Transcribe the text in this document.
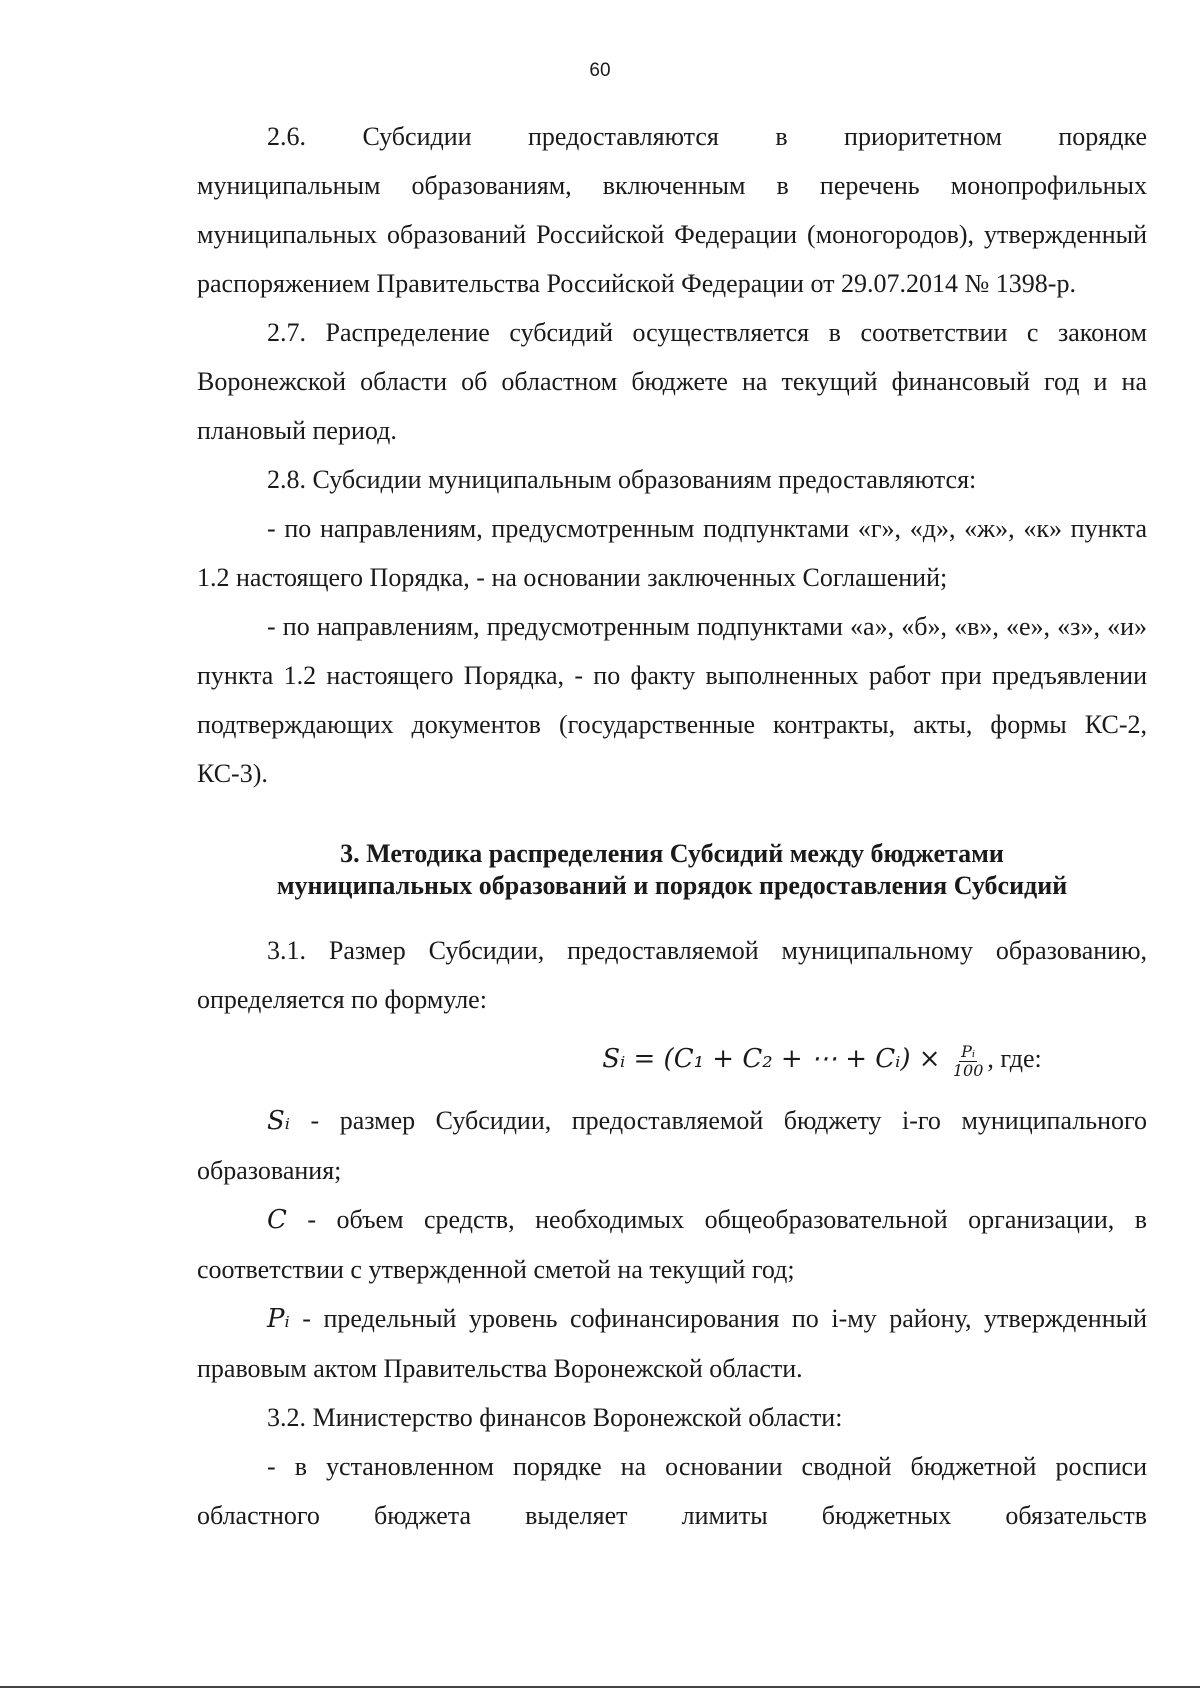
60

2.6. Субсидии предоставляются в приоритетном порядке

муниципальным образованиям, включенным в перечень монопрофильных муниципальных образований Российской Федерации (моногородов), утвержденный распоряжением Правительства Российской Федерации от 29.07.2014 № 1398-р.

2.7. Распределение субсидий осуществляется в соответствии с законом Воронежской области об областном бюджете на текущий финансовый год и на плановый период.

2.8. Субсидии муниципальным образованиям предоставляются:

- по направлениям, предусмотренным подпунктами «г», «д», «ж», «к» пункта 1.2 настоящего Порядка, - на основании заключенных Соглашений;

- по направлениям, предусмотренным подпунктами «а», «б», «в», «е», «з», «и» пункта 1.2 настоящего Порядка, - по факту выполненных работ при предъявлении подтверждающих документов (государственные контракты, акты, формы КС-2, КС-3).

3. Методика распределения Субсидий между бюджетами
муниципальных образований и порядок предоставления Субсидий

3.1. Размер Субсидии, предоставляемой муниципальному образованию, определяется по формуле:

Sᵢ = (C₁ + C₂ + ⋯ + Cᵢ) × $\frac{\text{Pᵢ}}{100}$ , где:

Sᵢ - размер Субсидии, предоставляемой бюджету i-го муниципального образования;

C - объем средств, необходимых общеобразовательной организации, в соответствии с утвержденной сметой на текущий год;

Pᵢ - предельный уровень софинансирования по i-му району, утвержденный правовым актом Правительства Воронежской области.

3.2. Министерство финансов Воронежской области:

- в установленном порядке на основании сводной бюджетной росписи

областного бюджета выделяет лимиты бюджетных обязательств
